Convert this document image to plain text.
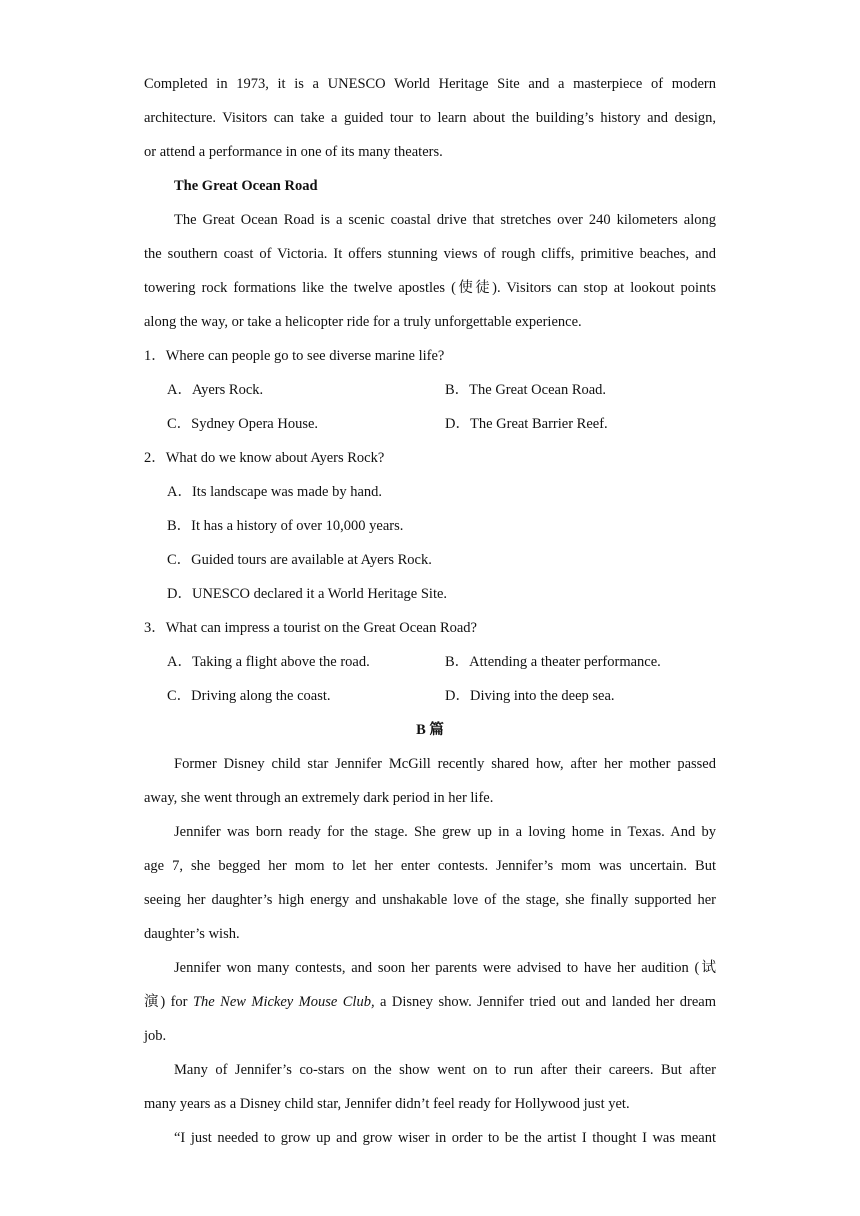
Completed in 1973, it is a UNESCO World Heritage Site and a masterpiece of modern
architecture. Visitors can take a guided tour to learn about the building’s history and design,
or attend a performance in one of its many theaters.
The Great Ocean Road
The Great Ocean Road is a scenic coastal drive that stretches over 240 kilometers along
the southern coast of Victoria. It offers stunning views of rough cliffs, primitive beaches, and
towering rock formations like the twelve apostles (使徒). Visitors can stop at lookout points
along the way, or take a helicopter ride for a truly unforgettable experience.
1．Where can people go to see diverse marine life?
A．Ayers Rock.	B．The Great Ocean Road.
C．Sydney Opera House.	D．The Great Barrier Reef.
2．What do we know about Ayers Rock?
A．Its landscape was made by hand.
B．It has a history of over 10,000 years.
C．Guided tours are available at Ayers Rock.
D．UNESCO declared it a World Heritage Site.
3．What can impress a tourist on the Great Ocean Road?
A．Taking a flight above the road.	B．Attending a theater performance.
C．Driving along the coast.	D．Diving into the deep sea.
B 篇
Former Disney child star Jennifer McGill recently shared how, after her mother passed
away, she went through an extremely dark period in her life.
Jennifer was born ready for the stage. She grew up in a loving home in Texas. And by
age 7, she begged her mom to let her enter contests. Jennifer’s mom was uncertain. But
seeing her daughter’s high energy and unshakable love of the stage, she finally supported her
daughter’s wish.
Jennifer won many contests, and soon her parents were advised to have her audition (试
演) for The New Mickey Mouse Club, a Disney show. Jennifer tried out and landed her dream
job.
Many of Jennifer’s co-stars on the show went on to run after their careers. But after
many years as a Disney child star, Jennifer didn’t feel ready for Hollywood just yet.
“I just needed to grow up and grow wiser in order to be the artist I thought I was meant
